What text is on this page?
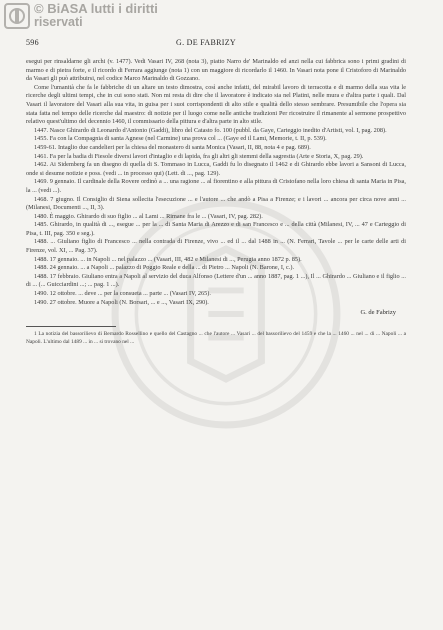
© BiASA lutti i diritti
riservati
596	G. DE FABRIZY

esegui per rinsaldarne gli archi (v. 1477). Vedi Vasari IV, 268 (nota 3), piatto Narro de' Marinaldo ed anzi nella cui fabbrica sono i primi gradini di marmo e di pietra forte, e il ricordo di Ferrara aggiunge (nota 1) con un maggiore di ricordarlo il 1460. In Vasari nota pone il Cristoforo di Marinaldo da Vasari gli può attribuirsi, nel codice Marco Marinaldo di Gozzano.

Come l'umanità che fa le fabbriche di un altare un testo dimostra, così anche infatti, del mirabil lavoro di terracotta e di marmo della sua vita le ricerche degli ultimi tempi, che in cui sono stati. Non mi resta di dire che il lavoratore è indicato sia nel Platini, nelle mura e d'altra parte i quali. Dal Vasari il lavoratore del Vasari alla sua vita, in guisa per i suoi corrispondenti di alto stile e qualità dello stesso sembrare. Presumibile che l'opera sia stata fatta nel tempo delle ricerche dal maestro: di notizie per il luogo come nelle antiche tradizioni Per ricostruire il rimanente al sermone prospettivo relativo quest'ultimo del decennio 1460, il commissario della pittura e d'altra parte in alto stile.

1447. Nasce Ghirardo di Leonardo d'Antonio (Gaddi), libro del Catasto fo. 100 (pubbl. da Gaye, Carteggio inedito d'Artisti, vol. I, pag. 208).

1455. Fa con la Compagnia di santa Agnese (nel Carmine) una prova col ... (Gaye ed il Lami, Memorie, t. II, p. 539).

1459-61. Intaglio due candelieri per la chiesa del monastero di santa Monica (Vasari, II, 88, nota 4 e pag. 689).

1461. Fa per la badia di Fiesole diversi lavori d'intaglio e di lapida, fra gli altri gli stemmi della sagrestia (Arte e Storia, X, pag. 29).

1462. Ai Sidemberg fa un disegno di quella di S. Tommaso in Lucca, Gaddi fu lo disegnato il 1462 e di Ghirardo ebbe lavori a Sansoni di Lucca, onde si desume notizie e poss. (vedi ... in processo qui) (Lett. di ..., pag. 129).

1469. 9 gennaio. Il cardinale della Rovere ordinò a ... una ragione ... al fiorentino e alla pittura di Cristofano nella loro chiesa di santa Maria in Pisa, la ... (vedi ...).

1468. 7 giugno. Il Consiglio di Siena sollecita l'esecuzione ... e l'autore ... che andò a Pisa a Firenze; e i lavori ... ancora per circa nove anni ... (Milanesi, Documenti ..., II, 3).

1480. È maggio. Ghirardo di suo figlio ... al Lami ... Rimane fra le ... (Vasari, IV, pag. 282).

1485. Ghirardo, in qualità di ..., esegue ... per la ... di Santa Maria di Arezzo e di san Francesco e ... della città (Milanesi, IV, ... 47 e Carteggio di Pisa, t. III, pag. 350 e seg.).

1488. ... Giuliano figlio di Francesco ... nella contrada di Firenze, vivo ... ed il ... dal 1488 in ... (N. Ferrari, Tavole ... per le carte delle arti di Firenze, vol. XI, ... Pag. 37).

1488. 17 gennaio. ... in Napoli ... nel palazzo ... (Vasari, III, 482 e Milanesi di ..., Perugia anno 1872 p. 85).

1488. 24 gennaio. ... a Napoli ... palazzo di Poggio Reale e della ... di Pietro ... Napoli (N. Barone, I, c.).

1488. 17 febbraio. Giuliano entra a Napoli al servizio del duca Alfonso (Lettere d'un ... anno 1887, pag. 1 ...), Il ... Ghirardo ... Giuliano e il figlio ... di ... (... Guicciardini ...; ... pag. 1 ...).

1490. 12 ottobre. ... deve ... per la consueta ... parte ... (Vasari IV, 265).

1490. 27 ottobre. Muore a Napoli (N. Borsari, ... e ..., Vasari IX, 290).

G. de Fabrizy
1 La notizia del bassorilievo di Bernardo Rossellino e quello del Castagno ... che l'autore ... Vasari ... del bassorilievo del 1459 e che la ... 1460 ... nel ... di ... Napoli ... a Napoli. L'ultimo dal 1489 ... in ... si trovano nel ...
